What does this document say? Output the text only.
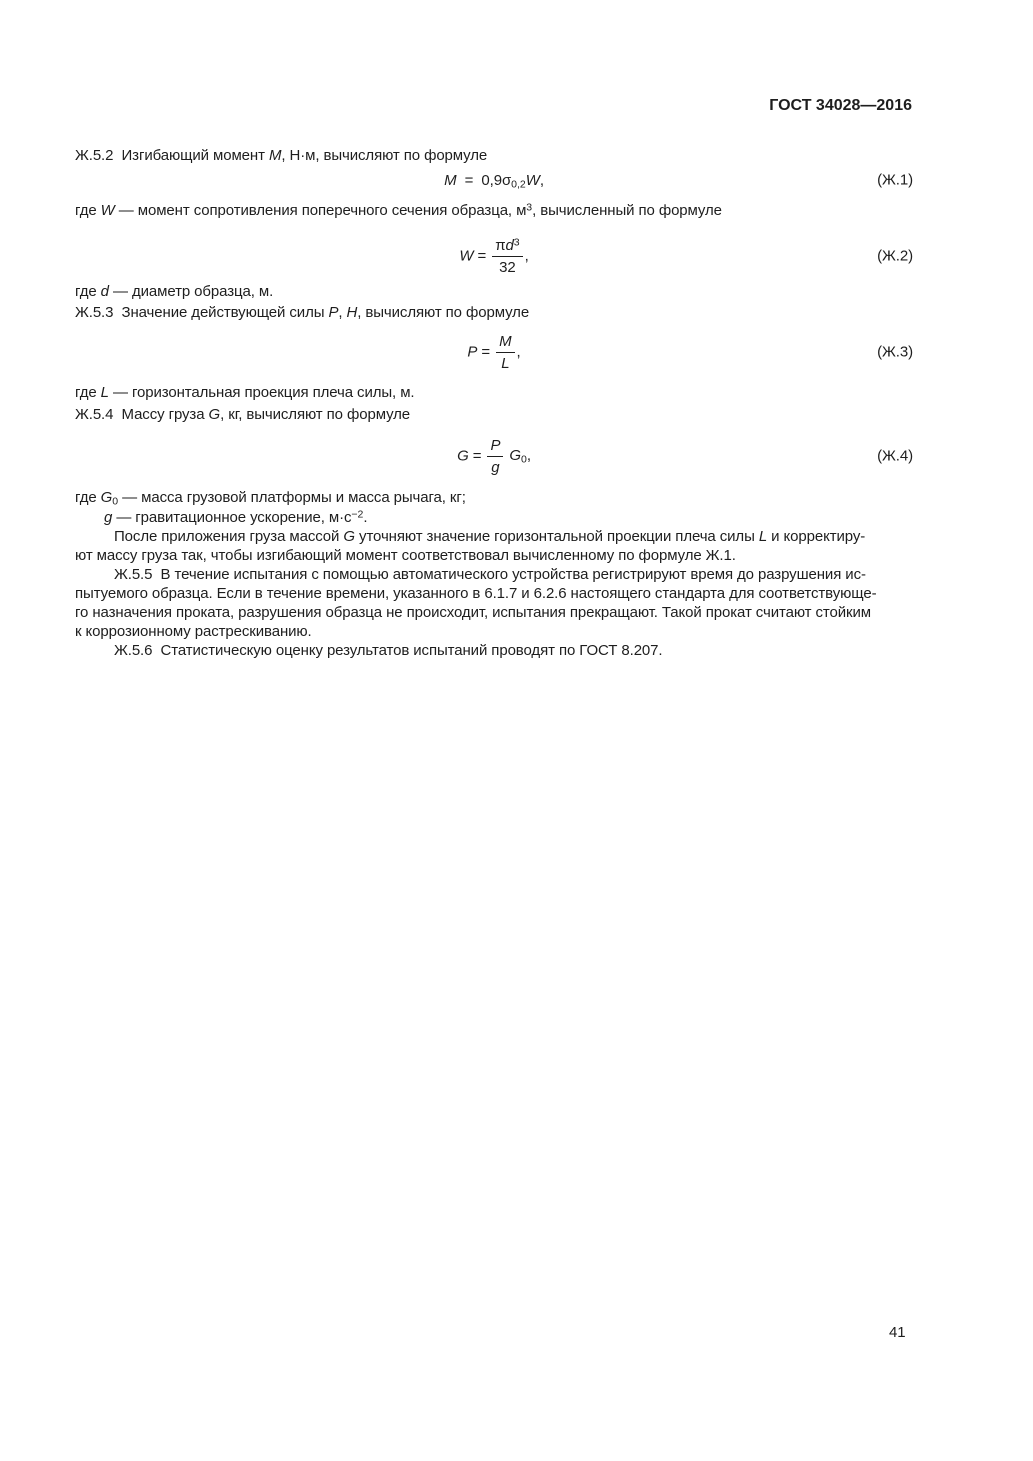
ГОСТ 34028—2016

Ж.5.2  Изгибающий момент M, Н·м, вычисляют по формуле

$M = 0,9\sigma_{0,2}W$,	(Ж.1)

где W — момент сопротивления поперечного сечения образца, $м^3$, вычисленный по формуле

$W = \frac{\pi d^3}{32}$ ,	(Ж.2)

где d — диаметр образца, м.

Ж.5.3  Значение действующей силы P, H, вычисляют по формуле

$P = \frac{M}{L}$ ,	(Ж.3)

где L — горизонтальная проекция плеча силы, м.

Ж.5.4  Массу груза G, кг, вычисляют по формуле

$G = \frac{P}{g} G_0$,	(Ж.4)

где $G_0$ — масса грузовой платформы и масса рычага, кг;

g — гравитационное ускорение, $м\cdot с^{-2}$.

После приложения груза массой G уточняют значение горизонтальной проекции плеча силы L и корректиру-
ют массу груза так, чтобы изгибающий момент соответствовал вычисленному по формуле Ж.1.

Ж.5.5  В течение испытания с помощью автоматического устройства регистрируют время до разрушения ис-
пытуемого образца. Если в течение времени, указанного в 6.1.7 и 6.2.6 настоящего стандарта для соответствующе-
го назначения проката, разрушения образца не происходит, испытания прекращают. Такой прокат считают стойким
к коррозионному растрескиванию.

Ж.5.6  Статистическую оценку результатов испытаний проводят по ГОСТ 8.207.

41
